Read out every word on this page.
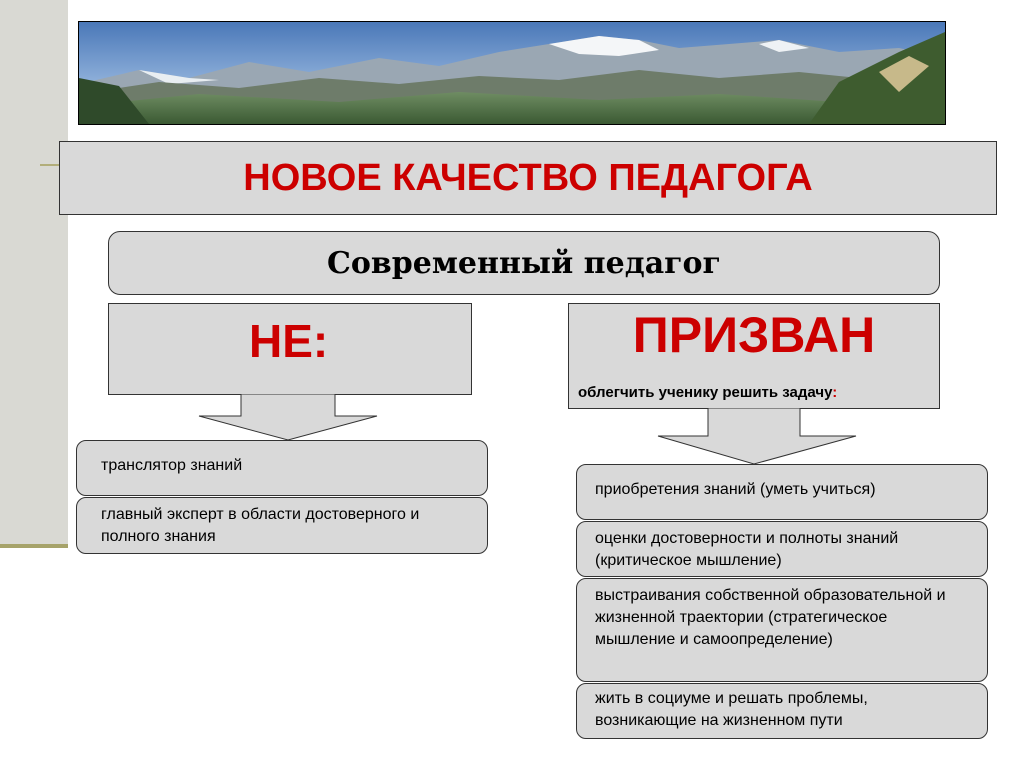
НОВОЕ КАЧЕСТВО ПЕДАГОГА
Современный педагог
НЕ:	ПРИЗВАН
облегчить ученику решить задачу:
транслятор знаний
главный эксперт в области достоверного и полного знания
приобретения знаний (уметь учиться)
оценки достоверности и полноты знаний (критическое мышление)
выстраивания собственной образовательной и жизненной траектории (стратегическое мышление и самоопределение)
жить в социуме и решать проблемы, возникающие на жизненном пути
